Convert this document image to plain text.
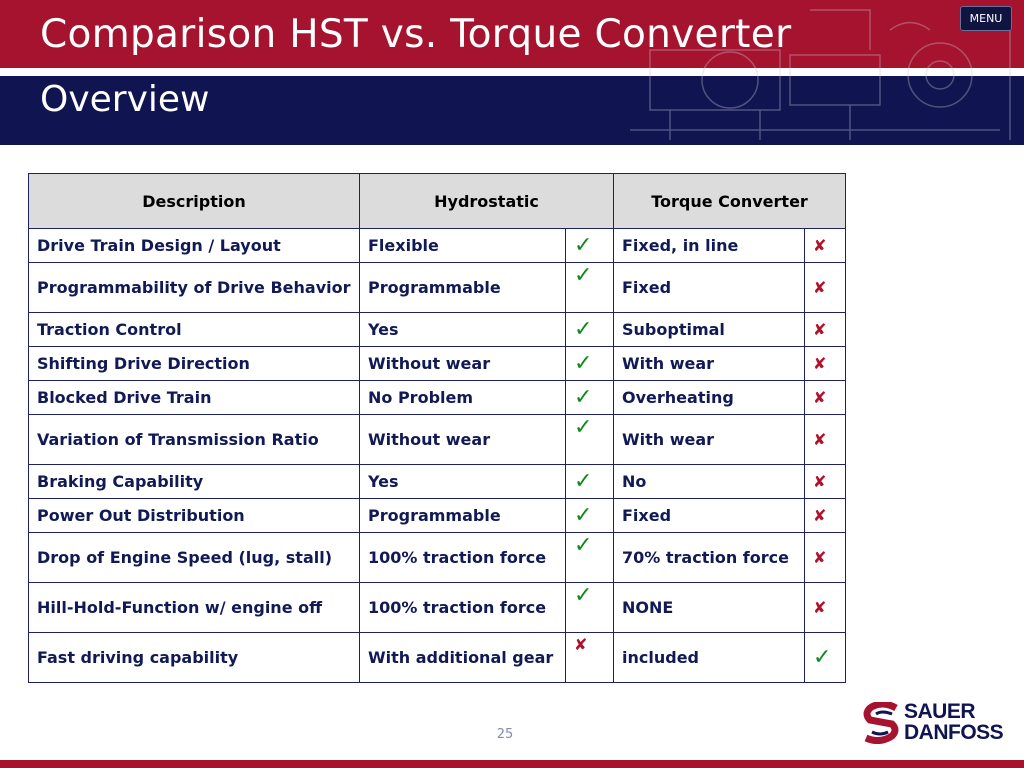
Comparison HST vs. Torque Converter
Overview
MENU
Description	Hydrostatic		Torque Converter	
Drive Train Design / Layout	Flexible	✓	Fixed, in line	✘
Programmability of Drive Behavior	Programmable	✓	Fixed	✘
Traction Control	Yes	✓	Suboptimal	✘
Shifting Drive Direction	Without wear	✓	With wear	✘
Blocked Drive Train	No Problem	✓	Overheating	✘
Variation of Transmission Ratio	Without wear	✓	With wear	✘
Braking Capability	Yes	✓	No	✘
Power Out Distribution	Programmable	✓	Fixed	✘
Drop of Engine Speed (lug, stall)	100% traction force	✓	70% traction force	✘
Hill-Hold-Function w/ engine off	100% traction force	✓	NONE	✘
Fast driving capability	With additional gear	✘	included	✓
25
SAUER
DANFOSS
